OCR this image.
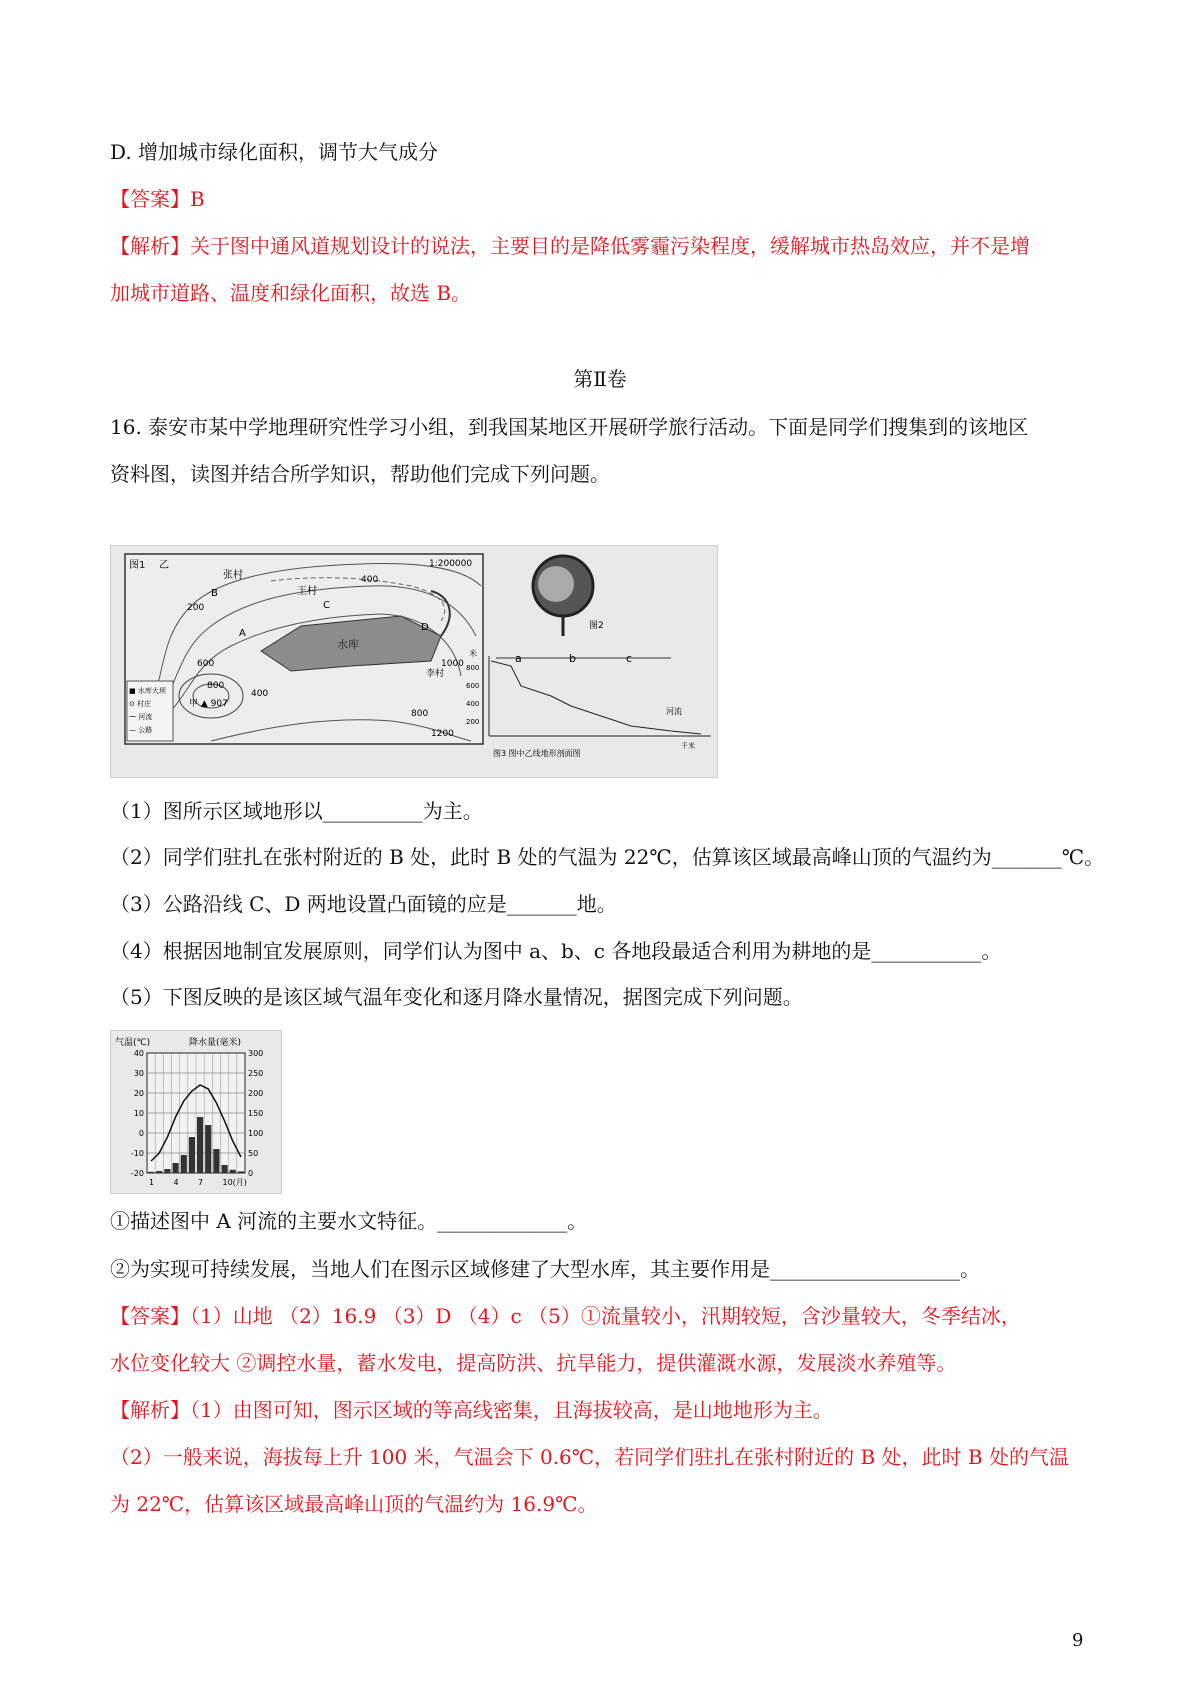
D. 增加城市绿化面积，调节大气成分
【答案】B
【解析】关于图中通风道规划设计的说法，主要目的是降低雾霾污染程度，缓解城市热岛效应，并不是增
加城市道路、温度和绿化面积，故选 B。
第Ⅱ卷
16. 泰安市某中学地理研究性学习小组，到我国某地区开展研学旅行活动。下面是同学们搜集到的该地区
资料图，读图并结合所学知识，帮助他们完成下列问题。
图1 乙
张村
1:200000
王村
水库
400
200
600
400
800
800
1000
1200
B
A
C
D
甲 ▲ 907
李村
■ 水库大坝
⊙ 村庄
⁓ 河流
— 公路
图2
a	b	c
米
800
600
400
200
千米
河流
图3 图中乙线地形剖面图
（1）图所示区域地形以__________为主。
（2）同学们驻扎在张村附近的 B 处，此时 B 处的气温为 22℃，估算该区域最高峰山顶的气温约为_______℃。
（3）公路沿线 C、D 两地设置凸面镜的应是_______地。
（4）根据因地制宜发展原则，同学们认为图中 a、b、c 各地段最适合利用为耕地的是___________。
（5）下图反映的是该区域气温年变化和逐月降水量情况，据图完成下列问题。
气温(℃)	降水量(毫米)
40
30
20
10
0
-10
-20
300
250
200
150
100
50
0
1 4 7 10(月)
①描述图中 A 河流的主要水文特征。_____________。
②为实现可持续发展，当地人们在图示区域修建了大型水库，其主要作用是___________________。
【答案】（1）山地 （2）16.9 （3）D （4）c （5）①流量较小，汛期较短，含沙量较大，冬季结冰，
水位变化较大 ②调控水量，蓄水发电，提高防洪、抗旱能力，提供灌溉水源，发展淡水养殖等。
【解析】（1）由图可知，图示区域的等高线密集，且海拔较高，是山地地形为主。
（2）一般来说，海拔每上升 100 米，气温会下 0.6℃，若同学们驻扎在张村附近的 B 处，此时 B 处的气温
为 22℃，估算该区域最高峰山顶的气温约为 16.9℃。
9
